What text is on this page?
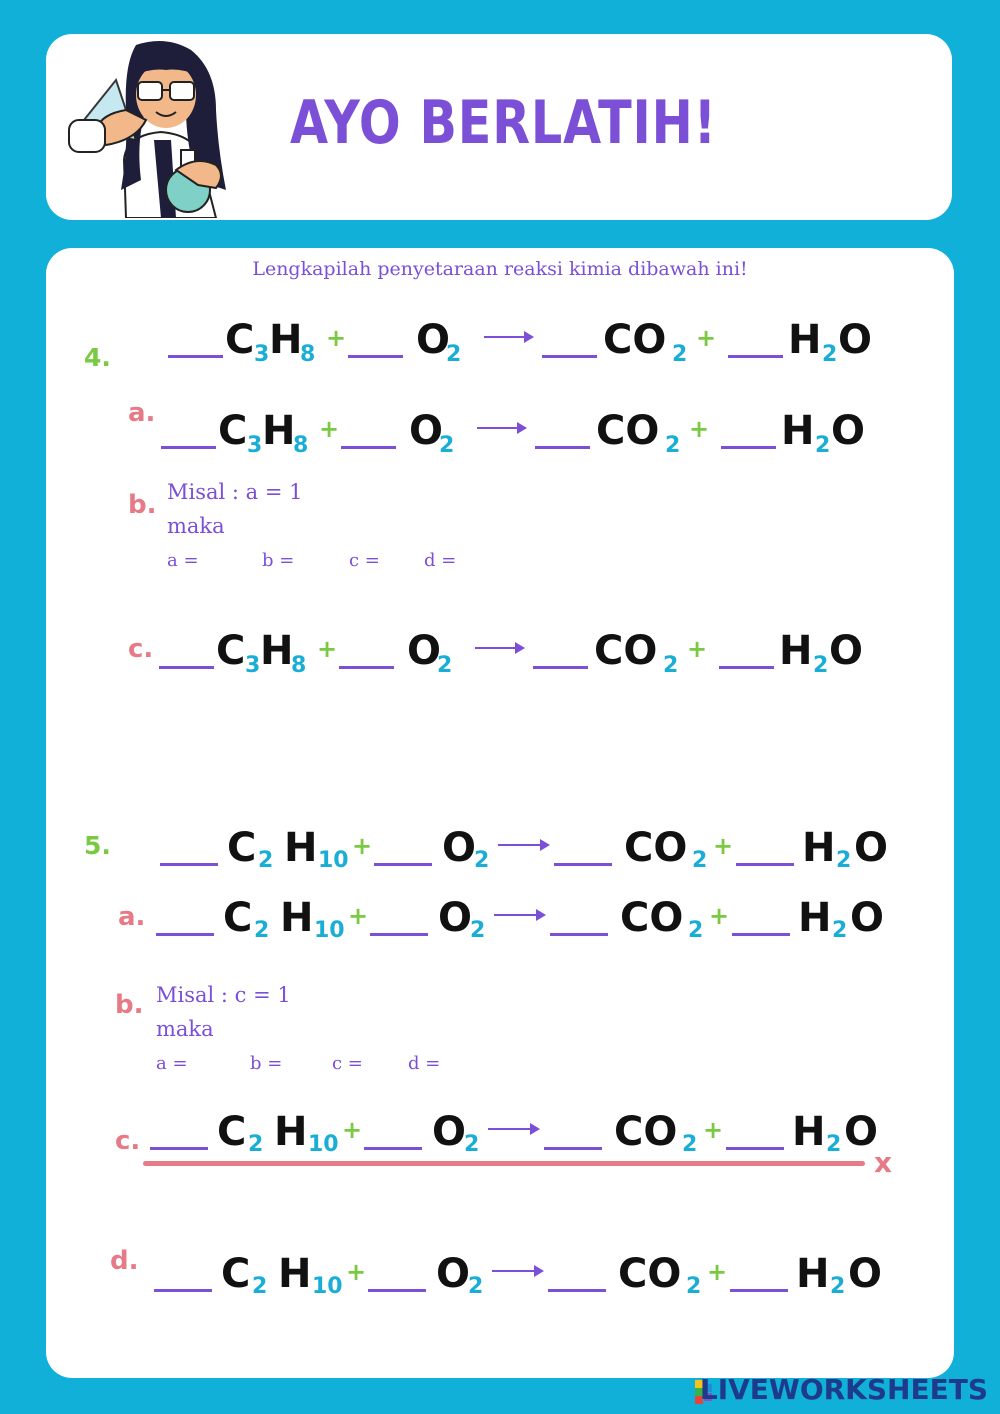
AYO BERLATIH!
Lengkapilah penyetaraan reaksi kimia dibawah ini!
4.	C 3 H
8
+ O
2	CO 2
+ H 2 O
a. C 3 H
8
+ O
2	CO 2
+ H 2 O
b. Misal : a = 1
maka
a =	b =	c = d =
c. C 3 H
8
+ O
2	CO 2
+ H 2 O
5.	C 2 H 10
+ O
2	CO 2
+ H 2 O
a. C 2 H 10
+ O
2	CO 2
+ H 2 O
b. Misal : c = 1
maka
a =	b =	c =	d =
c. C 2 H 10
+ O
2	CO 2
+ H 2 O
x
d. C 2 H 10
+ O
2	CO 2
+ H 2 O
LIVEWORKSHEETS
